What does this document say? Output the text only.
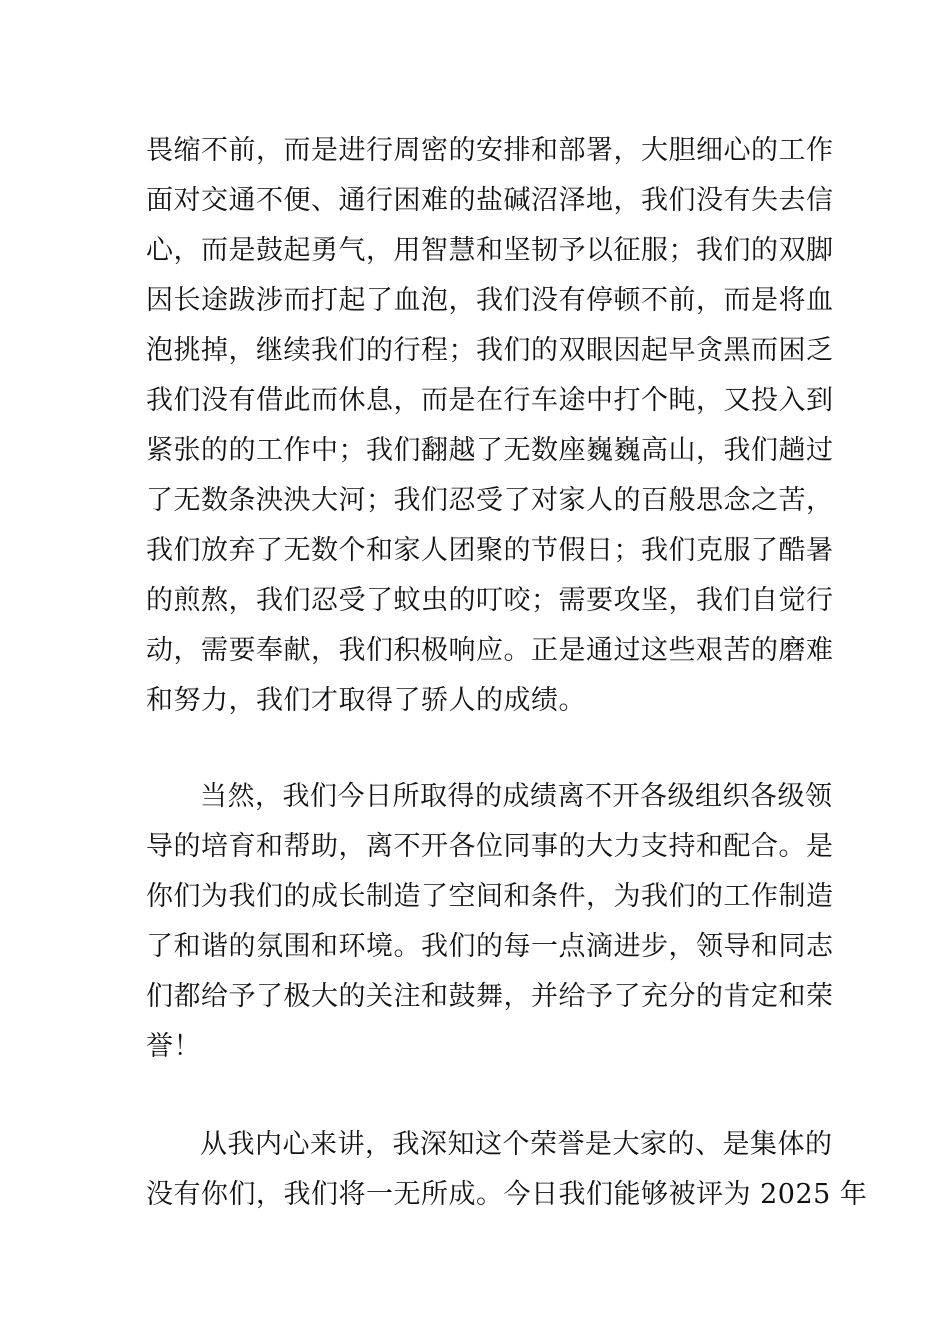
畏缩不前，而是进行周密的安排和部署，大胆细心的工作
面对交通不便、通行困难的盐碱沼泽地，我们没有失去信
心，而是鼓起勇气，用智慧和坚韧予以征服；我们的双脚
因长途跋涉而打起了血泡，我们没有停顿不前，而是将血
泡挑掉，继续我们的行程；我们的双眼因起早贪黑而困乏
我们没有借此而休息，而是在行车途中打个盹，又投入到
紧张的的工作中；我们翻越了无数座巍巍高山，我们趟过
了无数条泱泱大河；我们忍受了对家人的百般思念之苦，
我们放弃了无数个和家人团聚的节假日；我们克服了酷暑
的煎熬，我们忍受了蚊虫的叮咬；需要攻坚，我们自觉行
动，需要奉献，我们积极响应。正是通过这些艰苦的磨难
和努力，我们才取得了骄人的成绩。
当然，我们今日所取得的成绩离不开各级组织各级领
导的培育和帮助，离不开各位同事的大力支持和配合。是
你们为我们的成长制造了空间和条件，为我们的工作制造
了和谐的氛围和环境。我们的每一点滴进步，领导和同志
们都给予了极大的关注和鼓舞，并给予了充分的肯定和荣
誉！
从我内心来讲，我深知这个荣誉是大家的、是集体的
没有你们，我们将一无所成。今日我们能够被评为 2025 年
